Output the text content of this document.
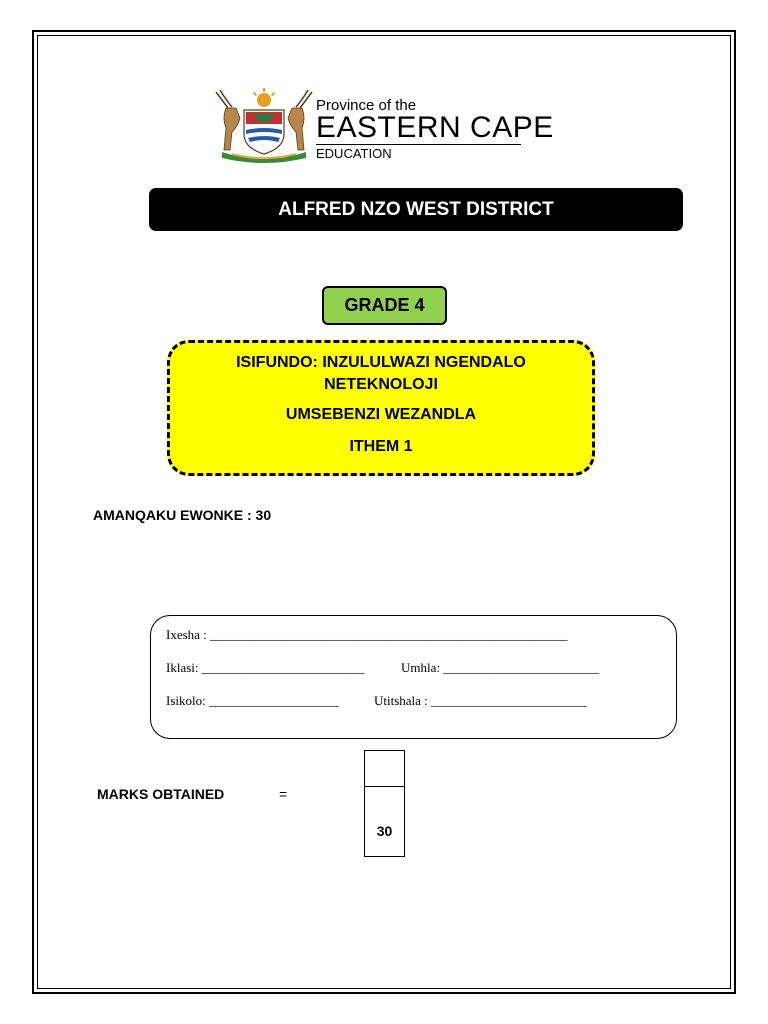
Province of the
EASTERN CAPE
EDUCATION
ALFRED NZO WEST DISTRICT
GRADE 4
ISIFUNDO: INZULULWAZI NGENDALO
NETEKNOLOJI
UMSEBENZI WEZANDLA
ITHEM 1
AMANQAKU EWONKE : 30
Ixesha : _______________________________________________________
Iklasi: _________________________	Umhla: ________________________
Isikolo: ____________________	Utitshala : ________________________
MARKS OBTAINED	=
30
